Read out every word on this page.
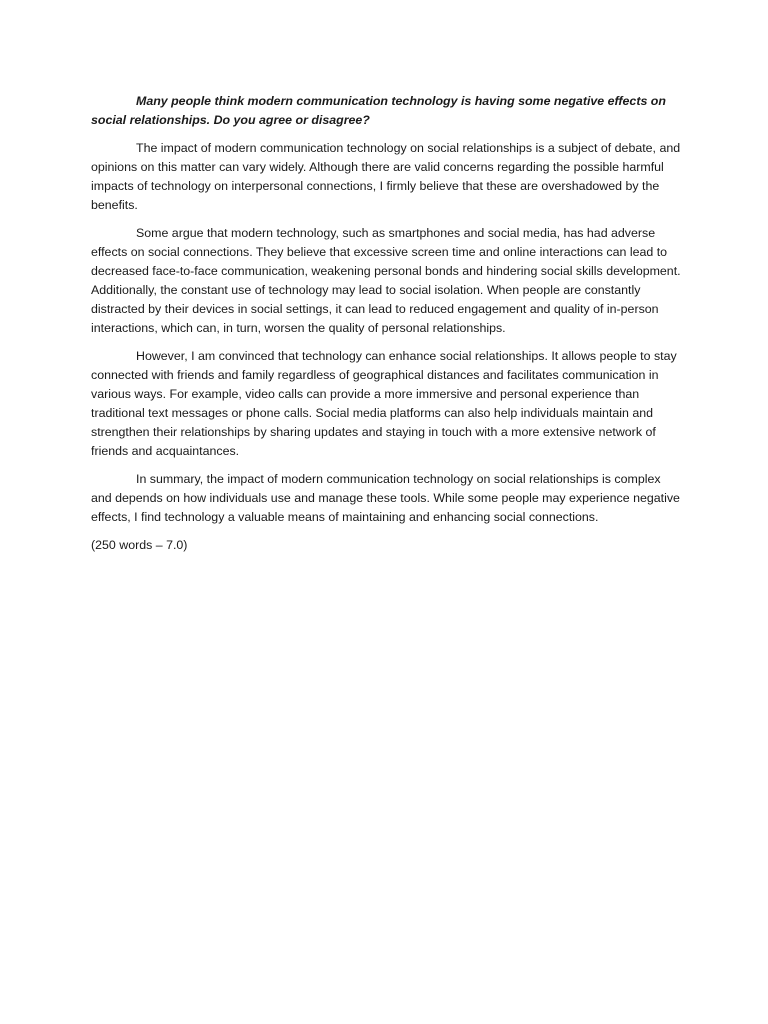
Many people think modern communication technology is having some negative effects on social relationships. Do you agree or disagree?

The impact of modern communication technology on social relationships is a subject of debate, and opinions on this matter can vary widely. Although there are valid concerns regarding the possible harmful impacts of technology on interpersonal connections, I firmly believe that these are overshadowed by the benefits.

Some argue that modern technology, such as smartphones and social media, has had adverse effects on social connections. They believe that excessive screen time and online interactions can lead to decreased face-to-face communication, weakening personal bonds and hindering social skills development. Additionally, the constant use of technology may lead to social isolation. When people are constantly distracted by their devices in social settings, it can lead to reduced engagement and quality of in-person interactions, which can, in turn, worsen the quality of personal relationships.

However, I am convinced that technology can enhance social relationships. It allows people to stay connected with friends and family regardless of geographical distances and facilitates communication in various ways. For example, video calls can provide a more immersive and personal experience than traditional text messages or phone calls. Social media platforms can also help individuals maintain and strengthen their relationships by sharing updates and staying in touch with a more extensive network of friends and acquaintances.

In summary, the impact of modern communication technology on social relationships is complex and depends on how individuals use and manage these tools. While some people may experience negative effects, I find technology a valuable means of maintaining and enhancing social connections.

(250 words – 7.0)
